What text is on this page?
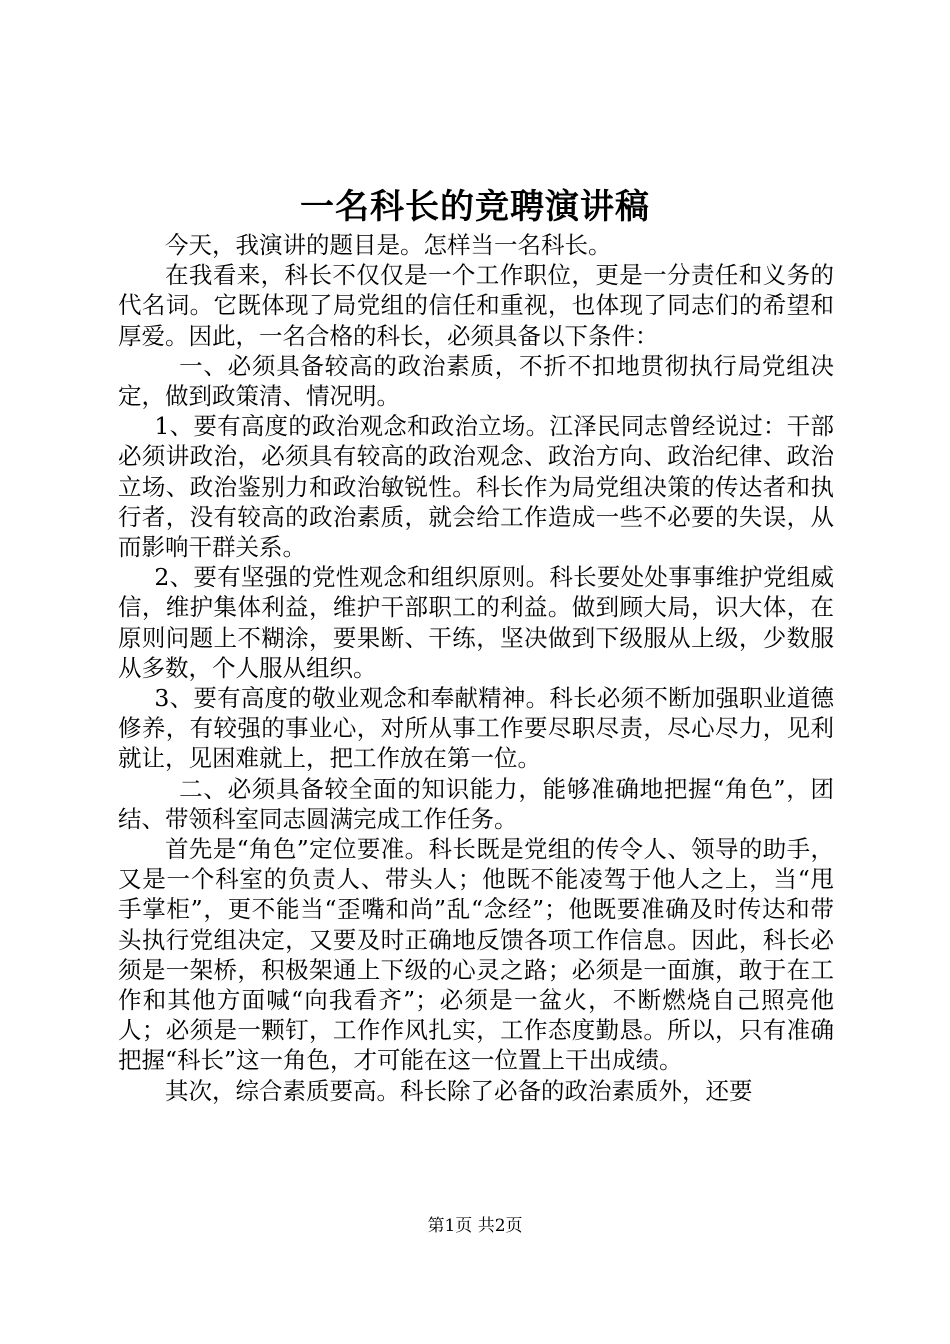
一名科长的竞聘演讲稿

今天，我演讲的题目是。怎样当一名科长。

在我看来，科长不仅仅是一个工作职位，更是一分责任和义务的代名词。它既体现了局党组的信任和重视，也体现了同志们的希望和厚爱。因此，一名合格的科长，必须具备以下条件：

一、必须具备较高的政治素质，不折不扣地贯彻执行局党组决定，做到政策清、情况明。

1、要有高度的政治观念和政治立场。江泽民同志曾经说过：干部必须讲政治，必须具有较高的政治观念、政治方向、政治纪律、政治立场、政治鉴别力和政治敏锐性。科长作为局党组决策的传达者和执行者，没有较高的政治素质，就会给工作造成一些不必要的失误，从而影响干群关系。

2、要有坚强的党性观念和组织原则。科长要处处事事维护党组威信，维护集体利益，维护干部职工的利益。做到顾大局，识大体，在原则问题上不糊涂，要果断、干练，坚决做到下级服从上级，少数服从多数，个人服从组织。

3、要有高度的敬业观念和奉献精神。科长必须不断加强职业道德修养，有较强的事业心，对所从事工作要尽职尽责，尽心尽力，见利就让，见困难就上，把工作放在第一位。

二、必须具备较全面的知识能力，能够准确地把握“角色”，团结、带领科室同志圆满完成工作任务。

首先是“角色”定位要准。科长既是党组的传令人、领导的助手，又是一个科室的负责人、带头人；他既不能凌驾于他人之上，当“甩手掌柜”，更不能当“歪嘴和尚”乱“念经”；他既要准确及时传达和带头执行党组决定，又要及时正确地反馈各项工作信息。因此，科长必须是一架桥，积极架通上下级的心灵之路；必须是一面旗，敢于在工作和其他方面喊“向我看齐”；必须是一盆火，不断燃烧自己照亮他人；必须是一颗钉，工作作风扎实，工作态度勤恳。所以，只有准确把握“科长”这一角色，才可能在这一位置上干出成绩。

其次，综合素质要高。科长除了必备的政治素质外，还要

第1页 共2页
